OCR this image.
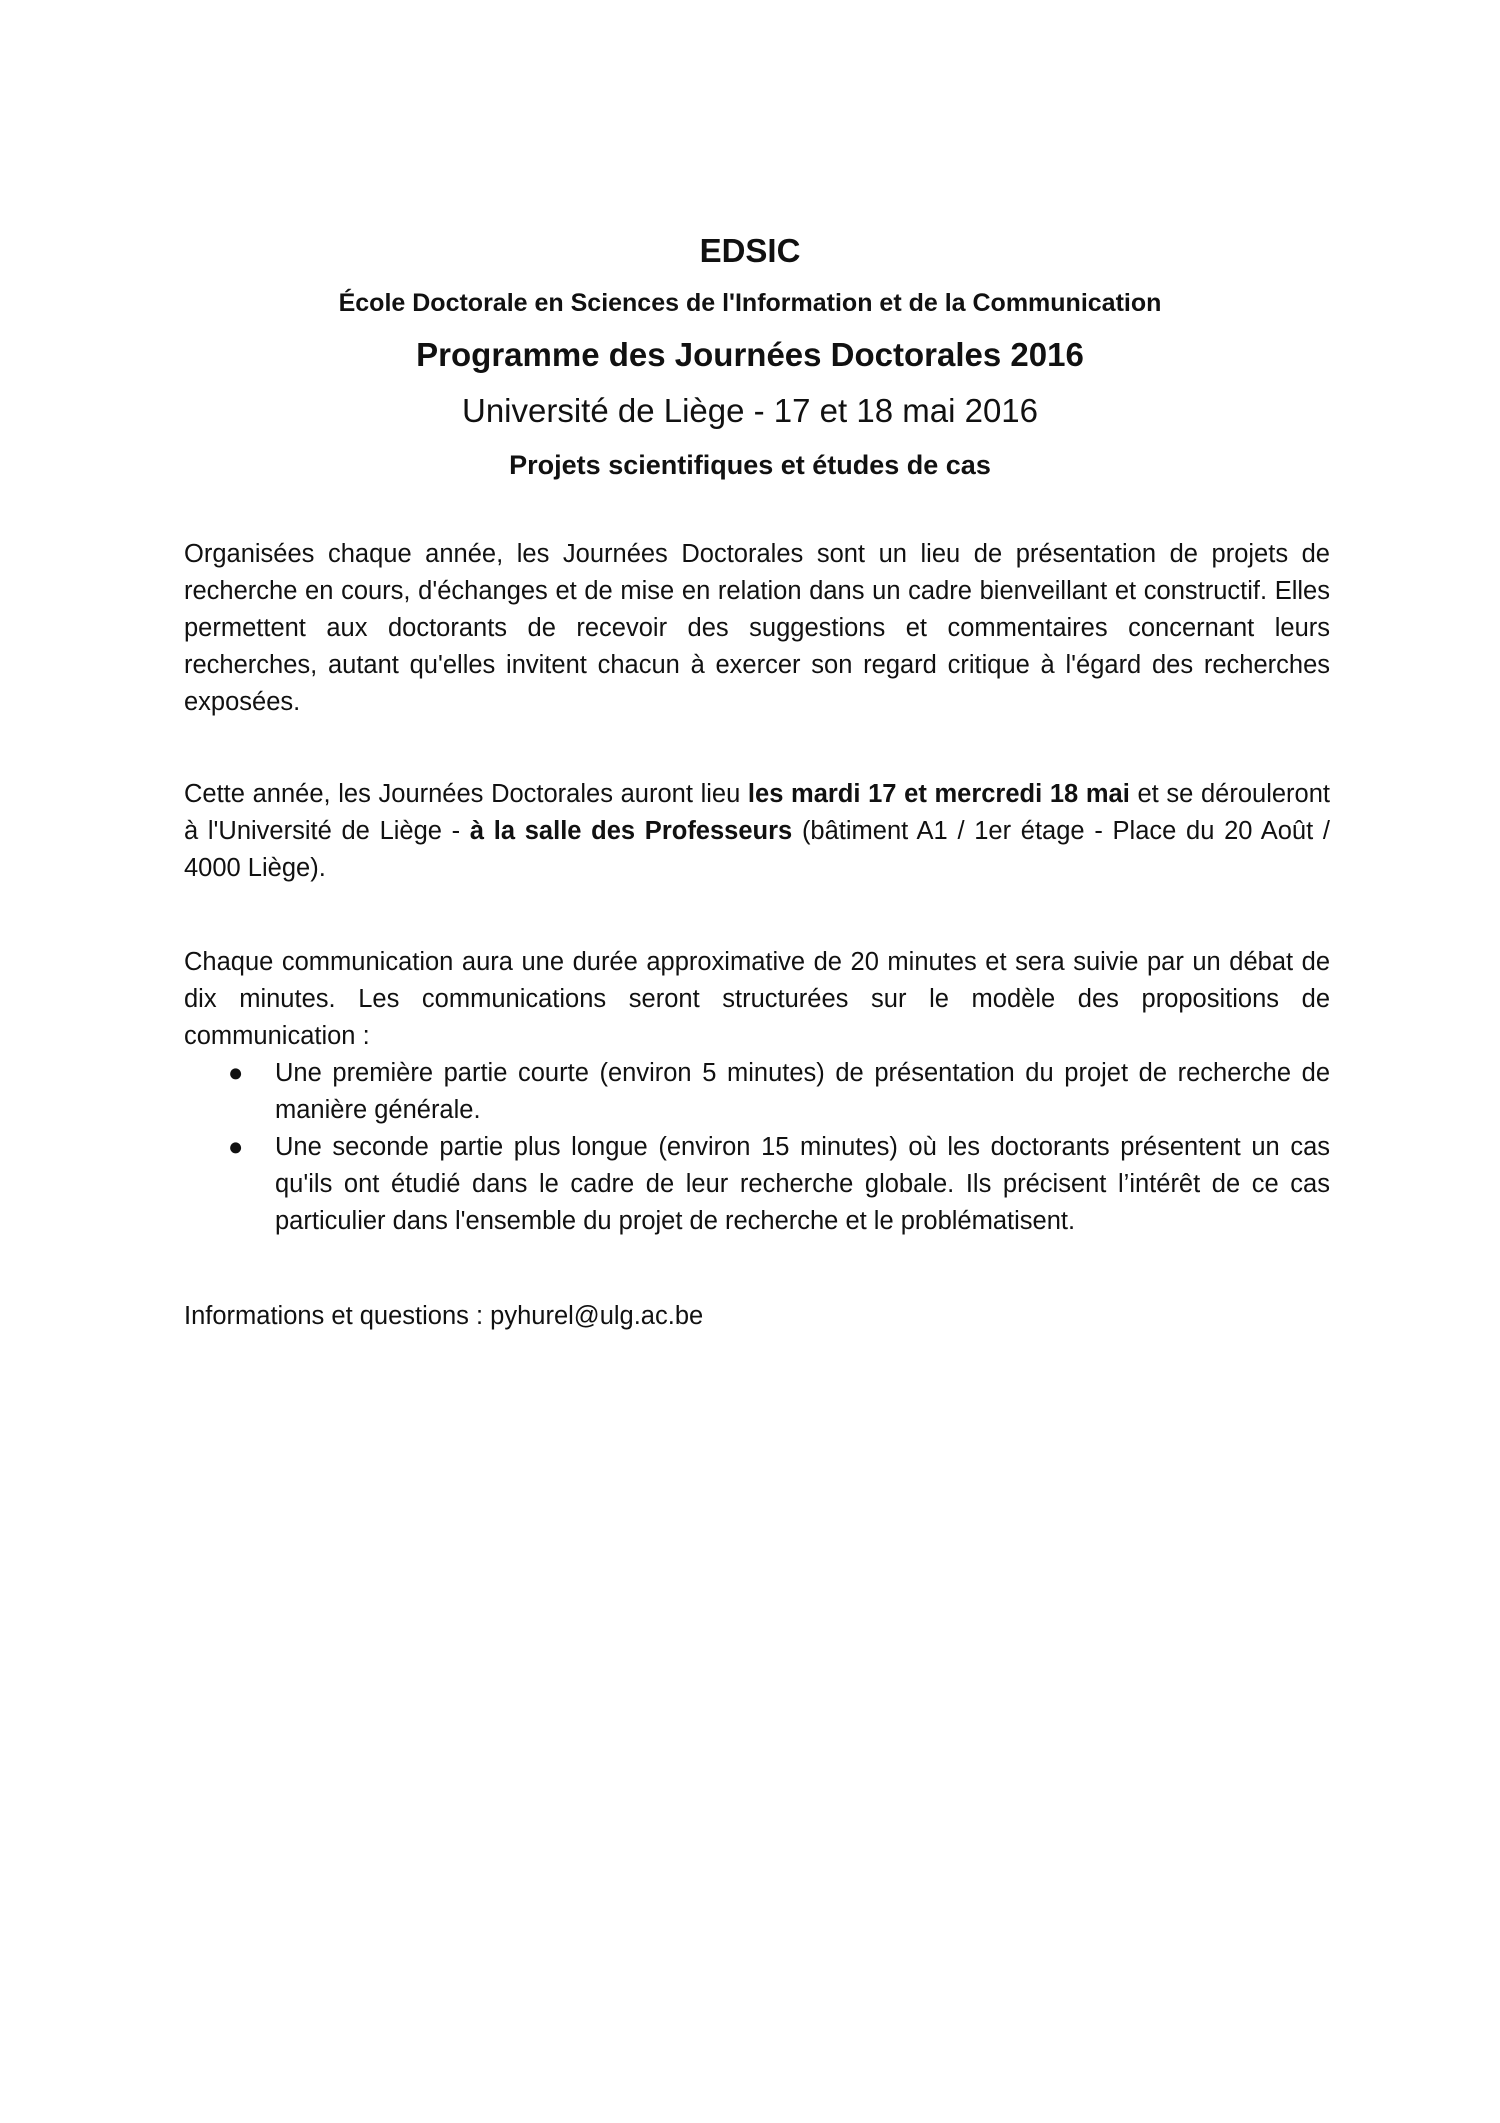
EDSIC
École Doctorale en Sciences de l'Information et de la Communication
Programme des Journées Doctorales 2016
Université de Liège - 17 et 18 mai 2016
Projets scientifiques et études de cas

Organisées chaque année, les Journées Doctorales sont un lieu de présentation de projets de recherche en cours, d'échanges et de mise en relation dans un cadre bienveillant et constructif. Elles permettent aux doctorants de recevoir des suggestions et commentaires concernant leurs recherches, autant qu'elles invitent chacun à exercer son regard critique à l'égard des recherches exposées.

Cette année, les Journées Doctorales auront lieu les mardi 17 et mercredi 18 mai et se dérouleront à l'Université de Liège - à la salle des Professeurs (bâtiment A1 / 1er étage - Place du 20 Août / 4000 Liège).

Chaque communication aura une durée approximative de 20 minutes et sera suivie par un débat de dix minutes. Les communications seront structurées sur le modèle des propositions de communication :

● Une première partie courte (environ 5 minutes) de présentation du projet de recherche de manière générale.
● Une seconde partie plus longue (environ 15 minutes) où les doctorants présentent un cas qu'ils ont étudié dans le cadre de leur recherche globale. Ils précisent l’intérêt de ce cas particulier dans l'ensemble du projet de recherche et le problématisent.

Informations et questions : pyhurel@ulg.ac.be
